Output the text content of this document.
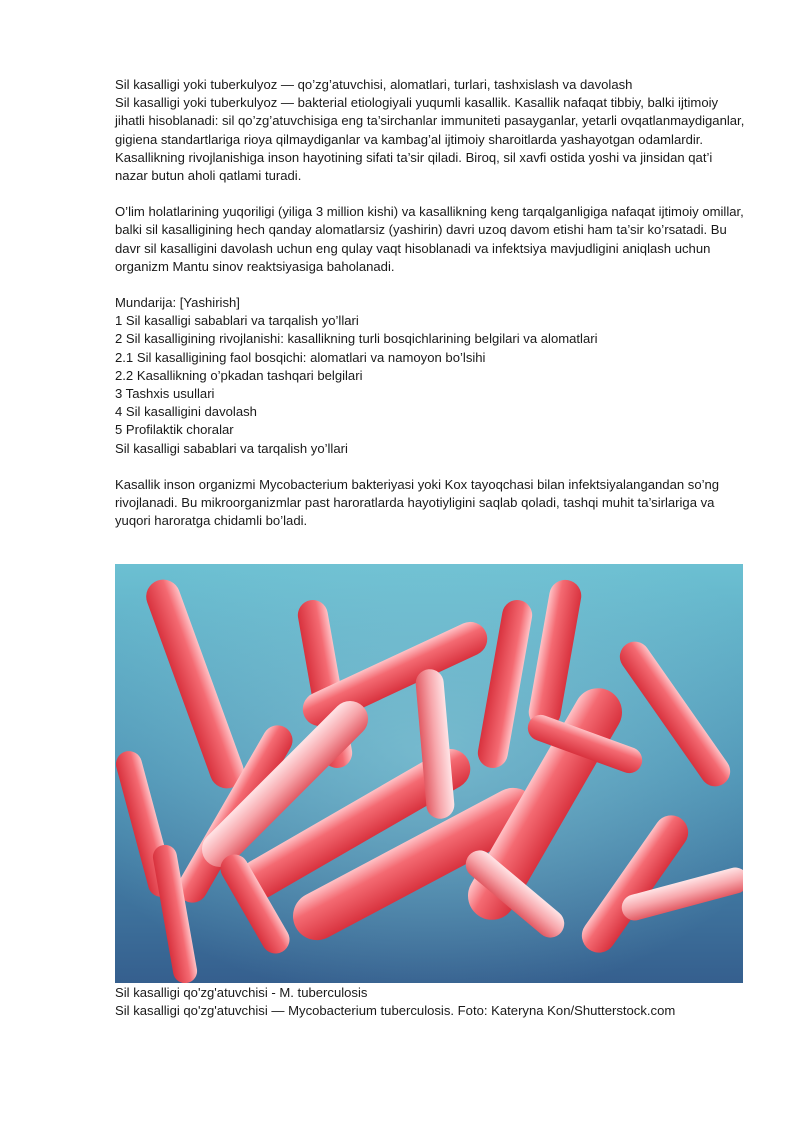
Sil kasalligi yoki tuberkulyoz — qo’zg’atuvchisi, alomatlari, turlari, tashxislash va davolash

Sil kasalligi yoki tuberkulyoz — bakterial etiologiyali yuqumli kasallik. Kasallik nafaqat tibbiy, balki ijtimoiy jihatli hisoblanadi: sil qo’zg’atuvchisiga eng ta’sirchanlar immuniteti pasayganlar, yetarli ovqatlanmaydiganlar, gigiena standartlariga rioya qilmaydiganlar va kambag’al ijtimoiy sharoitlarda yashayotgan odamlardir. Kasallikning rivojlanishiga inson hayotining sifati ta’sir qiladi. Biroq, sil xavfi ostida yoshi va jinsidan qat’i nazar butun aholi qatlami turadi.

O’lim holatlarining yuqoriligi (yiliga 3 million kishi) va kasallikning keng tarqalganligiga nafaqat ijtimoiy omillar, balki sil kasalligining hech qanday alomatlarsiz (yashirin) davri uzoq davom etishi ham ta’sir ko’rsatadi. Bu davr sil kasalligini davolash uchun eng qulay vaqt hisoblanadi va infektsiya mavjudligini aniqlash uchun organizm Mantu sinov reaktsiyasiga baholanadi.

Mundarija: [Yashirish]

1 Sil kasalligi sabablari va tarqalish yo’llari

2 Sil kasalligining rivojlanishi: kasallikning turli bosqichlarining belgilari va alomatlari

2.1 Sil kasalligining faol bosqichi: alomatlari va namoyon bo’lsihi

2.2 Kasallikning o’pkadan tashqari belgilari

3 Tashxis usullari

4 Sil kasalligini davolash

5 Profilaktik choralar

Sil kasalligi sabablari va tarqalish yo’llari

Kasallik inson organizmi Mycobacterium bakteriyasi yoki Kox tayoqchasi bilan infektsiyalangandan so’ng rivojlanadi. Bu mikroorganizmlar past haroratlarda hayotiyligini saqlab qoladi, tashqi muhit ta’sirlariga va yuqori haroratga chidamli bo’ladi.

Sil kasalligi qo'zg'atuvchisi - M. tuberculosis

Sil kasalligi qo'zg'atuvchisi — Mycobacterium tuberculosis. Foto: Kateryna Kon/Shutterstock.com
